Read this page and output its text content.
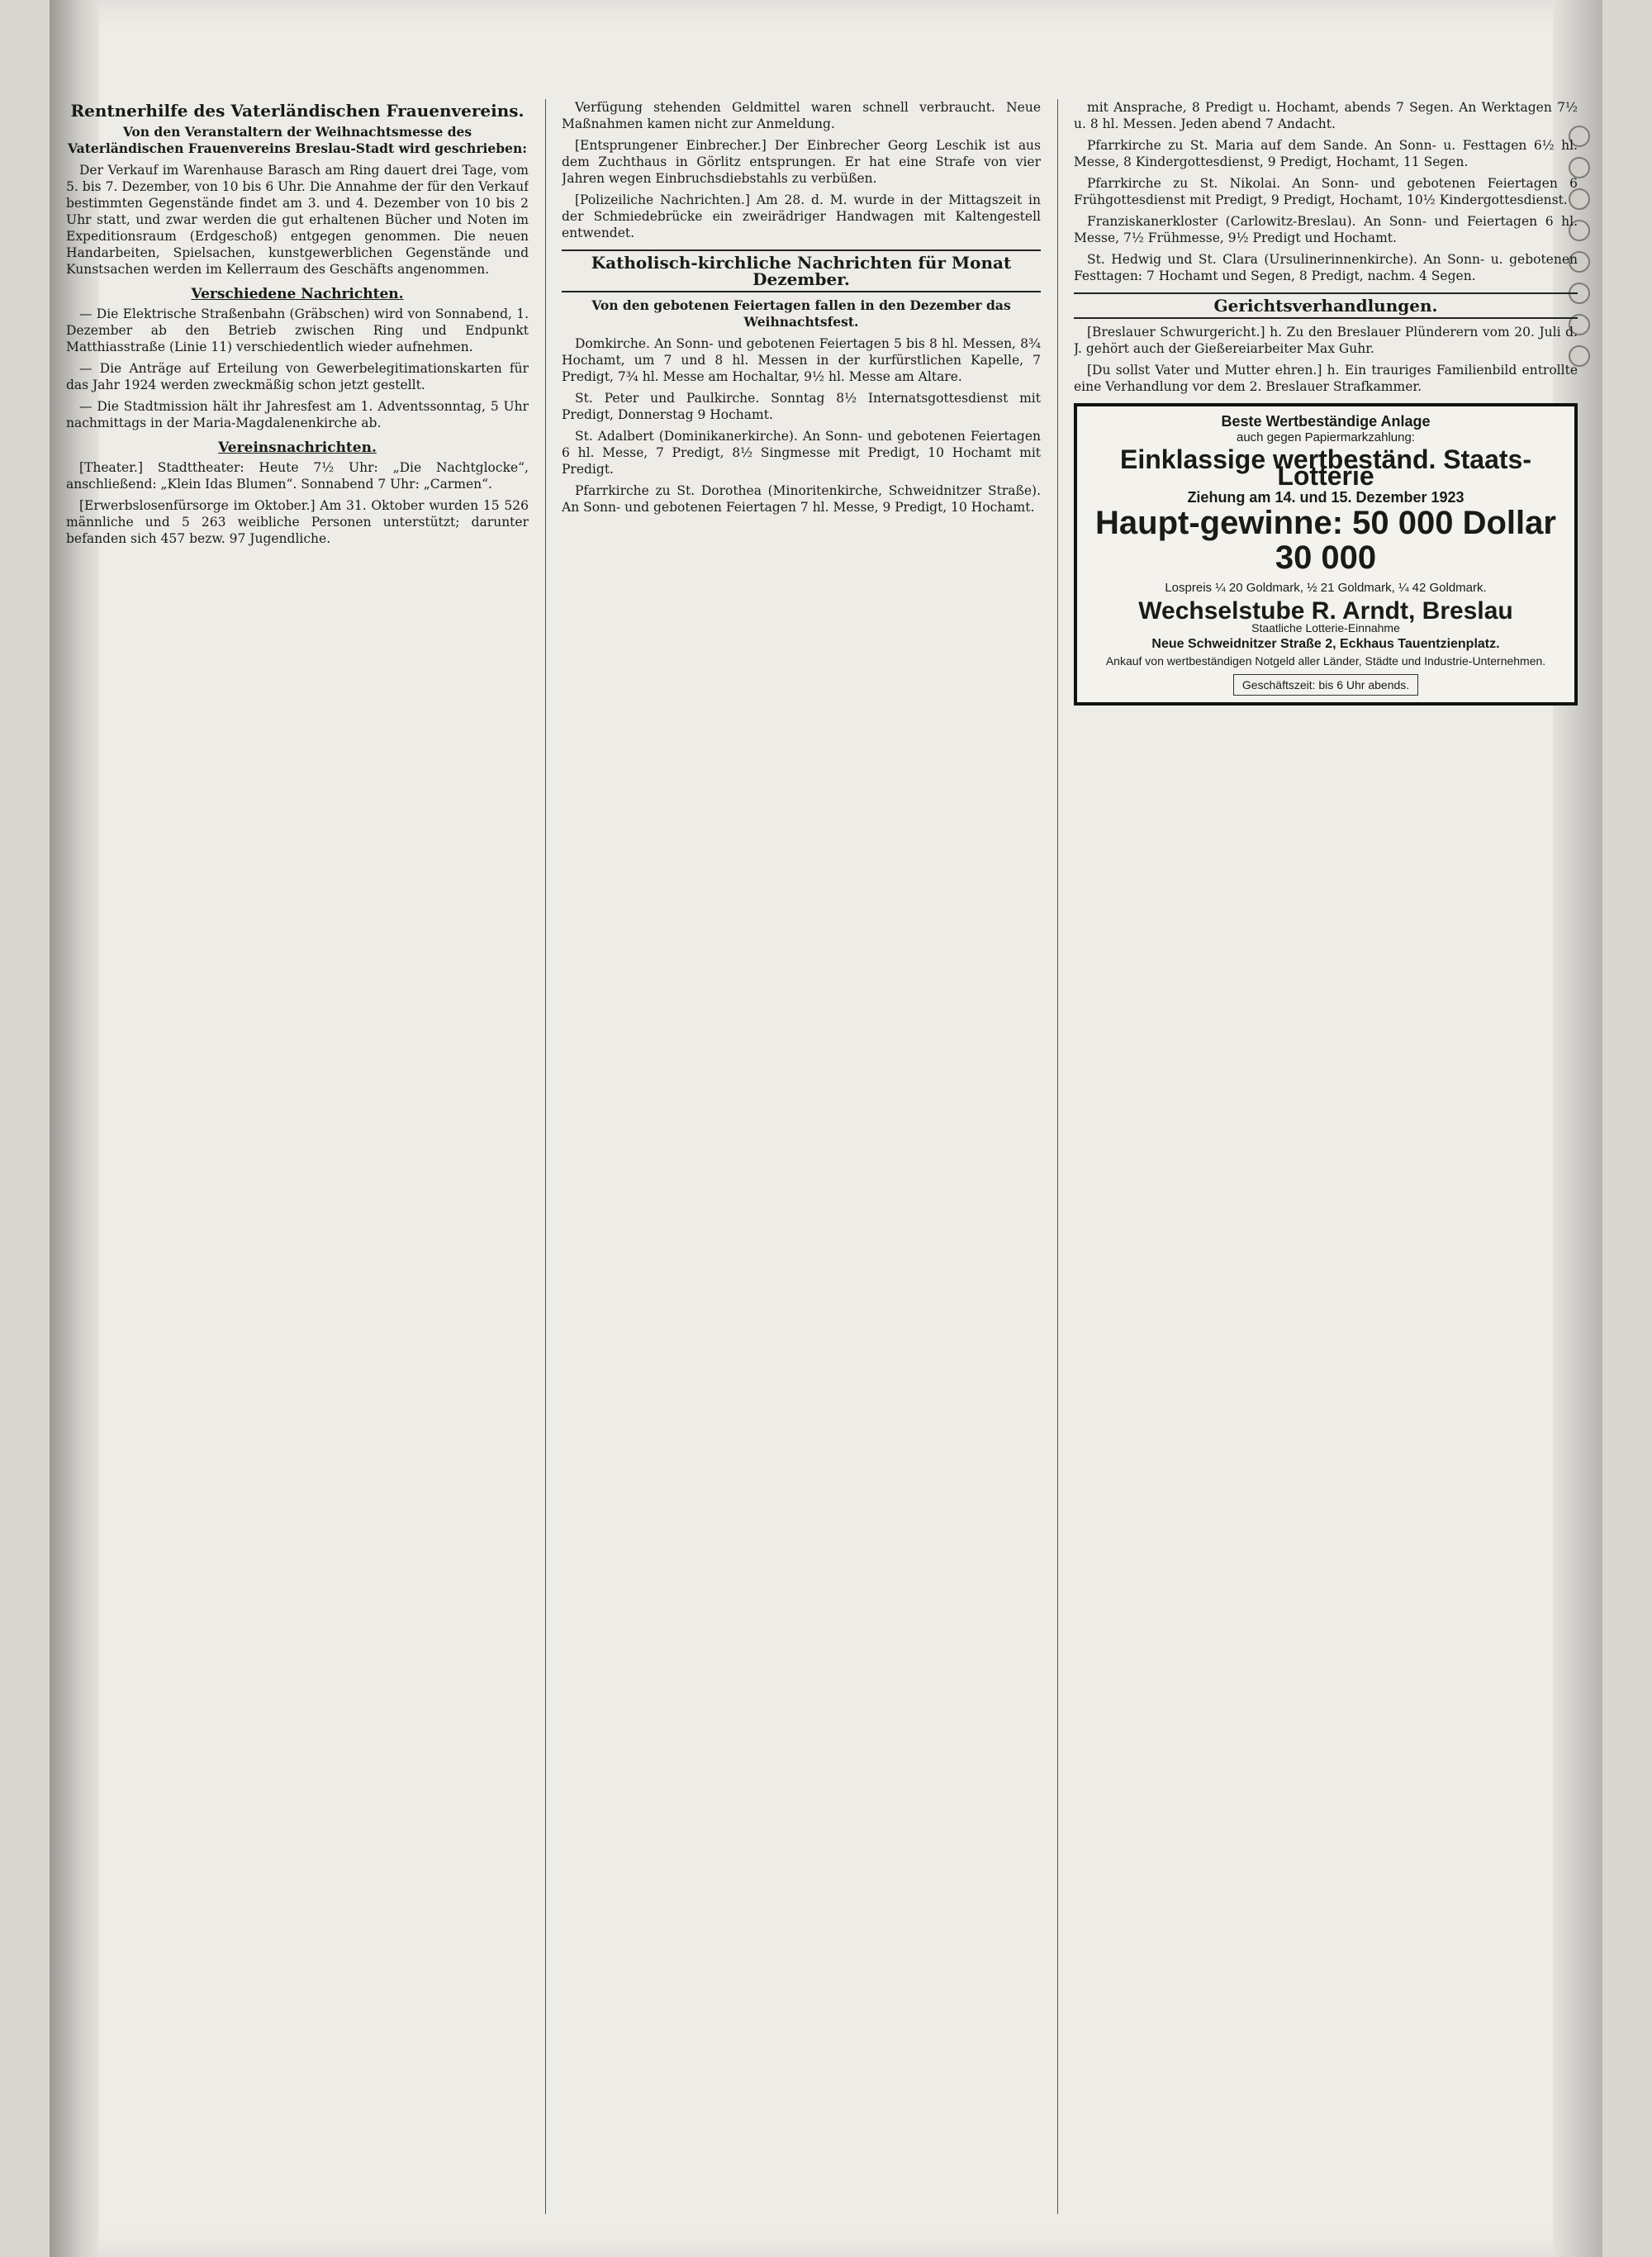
Rentnerhilfe des Vaterländischen Frauenvereins.

Von den Veranstaltern der Weihnachtsmesse des Vaterländischen Frauenvereins Breslau-Stadt wird geschrieben:

Der Verkauf im Warenhause Barasch am Ring dauert drei Tage, vom 5. bis 7. Dezember, von 10 bis 6 Uhr. Die Annahme der für den Verkauf bestimmten Gegenstände findet am 3. und 4. Dezember von 10 bis 2 Uhr statt, und zwar werden die gut erhaltenen Bücher und Noten im Expeditionsraum (Erdgeschoß) entgegen genommen. Die neuen Handarbeiten, Spielsachen, kunstgewerblichen Gegenstände und Kunstsachen werden im Kellerraum des Geschäfts angenommen.

Verschiedene Nachrichten.

— Die Elektrische Straßenbahn (Gräbschen) wird von Sonnabend, 1. Dezember ab den Betrieb zwischen Ring und Endpunkt Matthiasstraße (Linie 11) verschiedentlich wieder aufnehmen.

— Die Anträge auf Erteilung von Gewerbelegitimationskarten für das Jahr 1924 werden zweckmäßig schon jetzt gestellt.

— Die Stadtmission hält ihr Jahresfest am 1. Adventssonntag, 5 Uhr nachmittags in der Maria-Magdalenenkirche ab.

Vereinsnachrichten.

[Theater.] Stadttheater: Heute 7½ Uhr: „Die Nachtglocke“, anschließend: „Klein Idas Blumen“. Sonnabend 7 Uhr: „Carmen“.

[Erwerbslosenfürsorge im Oktober.] Am 31. Oktober wurden 15 526 männliche und 5 263 weibliche Personen unterstützt; darunter befanden sich 457 bezw. 97 Jugendliche.

Verfügung stehenden Geldmittel waren schnell verbraucht. Neue Maßnahmen kamen nicht zur Anmeldung.

[Entsprungener Einbrecher.] Der Einbrecher Georg Leschik ist aus dem Zuchthaus in Görlitz entsprungen. Er hat eine Strafe von vier Jahren wegen Einbruchsdiebstahls zu verbüßen.

[Polizeiliche Nachrichten.] Am 28. d. M. wurde in der Mittagszeit in der Schmiedebrücke ein zweirädriger Handwagen mit Kaltengestell entwendet.

Katholisch-kirchliche Nachrichten für Monat Dezember.

Von den gebotenen Feiertagen fallen in den Dezember das Weihnachtsfest.

Domkirche. An Sonn- und gebotenen Feiertagen 5 bis 8 hl. Messen, 8¾ Hochamt, um 7 und 8 hl. Messen in der kurfürstlichen Kapelle, 7 Predigt, 7¾ hl. Messe am Hochaltar, 9½ hl. Messe am Altare.

St. Peter und Paulkirche. Sonntag 8½ Internatsgottesdienst mit Predigt, Donnerstag 9 Hochamt.

St. Adalbert (Dominikanerkirche). An Sonn- und gebotenen Feiertagen 6 hl. Messe, 7 Predigt, 8½ Singmesse mit Predigt, 10 Hochamt mit Predigt.

Pfarrkirche zu St. Dorothea (Minoritenkirche, Schweidnitzer Straße). An Sonn- und gebotenen Feiertagen 7 hl. Messe, 9 Predigt, 10 Hochamt.

mit Ansprache, 8 Predigt u. Hochamt, abends 7 Segen. An Werktagen 7½ u. 8 hl. Messen. Jeden abend 7 Andacht.

Pfarrkirche zu St. Maria auf dem Sande. An Sonn- u. Festtagen 6½ hl. Messe, 8 Kindergottesdienst, 9 Predigt, Hochamt, 11 Segen.

Pfarrkirche zu St. Nikolai. An Sonn- und gebotenen Feiertagen 6 Frühgottesdienst mit Predigt, 9 Predigt, Hochamt, 10½ Kindergottesdienst.

Franziskanerkloster (Carlowitz-Breslau). An Sonn- und Feiertagen 6 hl. Messe, 7½ Frühmesse, 9½ Predigt und Hochamt.

St. Hedwig und St. Clara (Ursulinerinnenkirche). An Sonn- u. gebotenen Festtagen: 7 Hochamt und Segen, 8 Predigt, nachm. 4 Segen.

Gerichtsverhandlungen.

[Breslauer Schwurgericht.] h. Zu den Breslauer Plünderern vom 20. Juli d. J. gehört auch der Gießereiarbeiter Max Guhr.

[Du sollst Vater und Mutter ehren.] h. Ein trauriges Familienbild entrollte eine Verhandlung vor dem 2. Breslauer Strafkammer.

Beste Wertbeständige Anlage
auch gegen Papiermarkzahlung:
Einklassige wertbeständ. Staats-Lotterie
Ziehung am 14. und 15. Dezember 1923
Haupt-gewinne: 50 000 Dollar
30 000
Lospreis ¼ 20 Goldmark, ½ 21 Goldmark, ¼ 42 Goldmark.
Wechselstube R. Arndt, Breslau
Staatliche Lotterie-Einnahme
Neue Schweidnitzer Straße 2, Eckhaus Tauentzienplatz.
Ankauf von wertbeständigen Notgeld aller Länder, Städte und Industrie-Unternehmen.
Geschäftszeit: bis 6 Uhr abends.
